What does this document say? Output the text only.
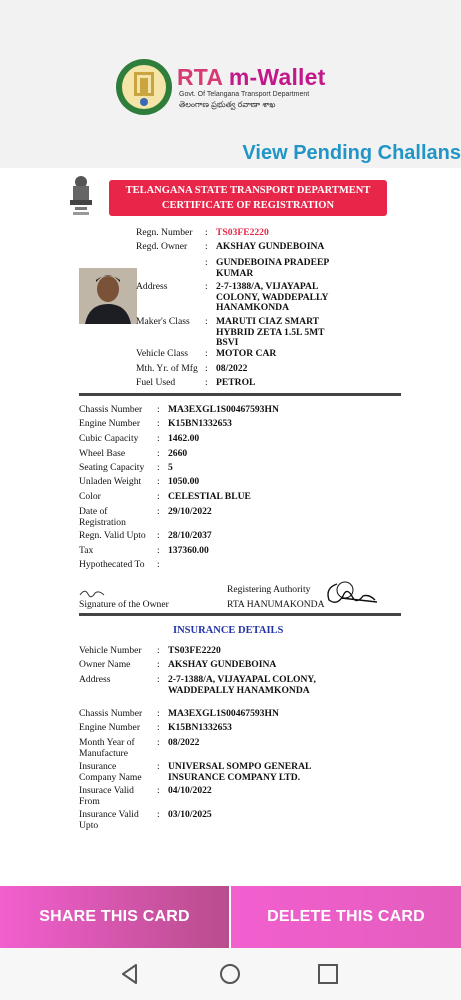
RTA m-Wallet
Govt. Of Telangana Transport Department
తెలంగాణ ప్రభుత్వ రవాణా శాఖ
View Pending Challans
TELANGANA STATE TRANSPORT DEPARTMENT
CERTIFICATE OF REGISTRATION
Regn. Number : TS03FE2220
Regd. Owner : AKSHAY GUNDEBOINA
: GUNDEBOINA PRADEEP KUMAR
Address	: 2-7-1388/A, VIJAYAPAL COLONY, WADDEPALLY HANAMKONDA
Maker's Class : MARUTI CIAZ SMART HYBRID ZETA 1.5L 5MT BSVI
Vehicle Class : MOTOR CAR
Mth. Yr. of Mfg : 08/2022
Fuel Used	: PETROL
Chassis Number	: MA3EXGL1S00467593HN
Engine Number	: K15BN1332653
Cubic Capacity	: 1462.00
Wheel Base	: 2660
Seating Capacity	: 5
Unladen Weight	: 1050.00
Color	: CELESTIAL BLUE
Date of Registration
: 29/10/2022
Regn. Valid Upto	: 28/10/2037
Tax	: 137360.00
Hypothecated To	:
Signature of the Owner
Registering Authority
RTA HANUMAKONDA
INSURANCE DETAILS
Vehicle Number	: TS03FE2220
Owner Name	: AKSHAY GUNDEBOINA
Address	: 2-7-1388/A, VIJAYAPAL COLONY, WADDEPALLY HANAMKONDA
Chassis Number	: MA3EXGL1S00467593HN
Engine Number	: K15BN1332653
Month Year of Manufacture
: 08/2022
Insurance Company Name
: UNIVERSAL SOMPO GENERAL INSURANCE COMPANY LTD.
Insurace Valid From
: 04/10/2022
Insurance Valid Upto
: 03/10/2025
SHARE THIS CARD	DELETE THIS CARD
